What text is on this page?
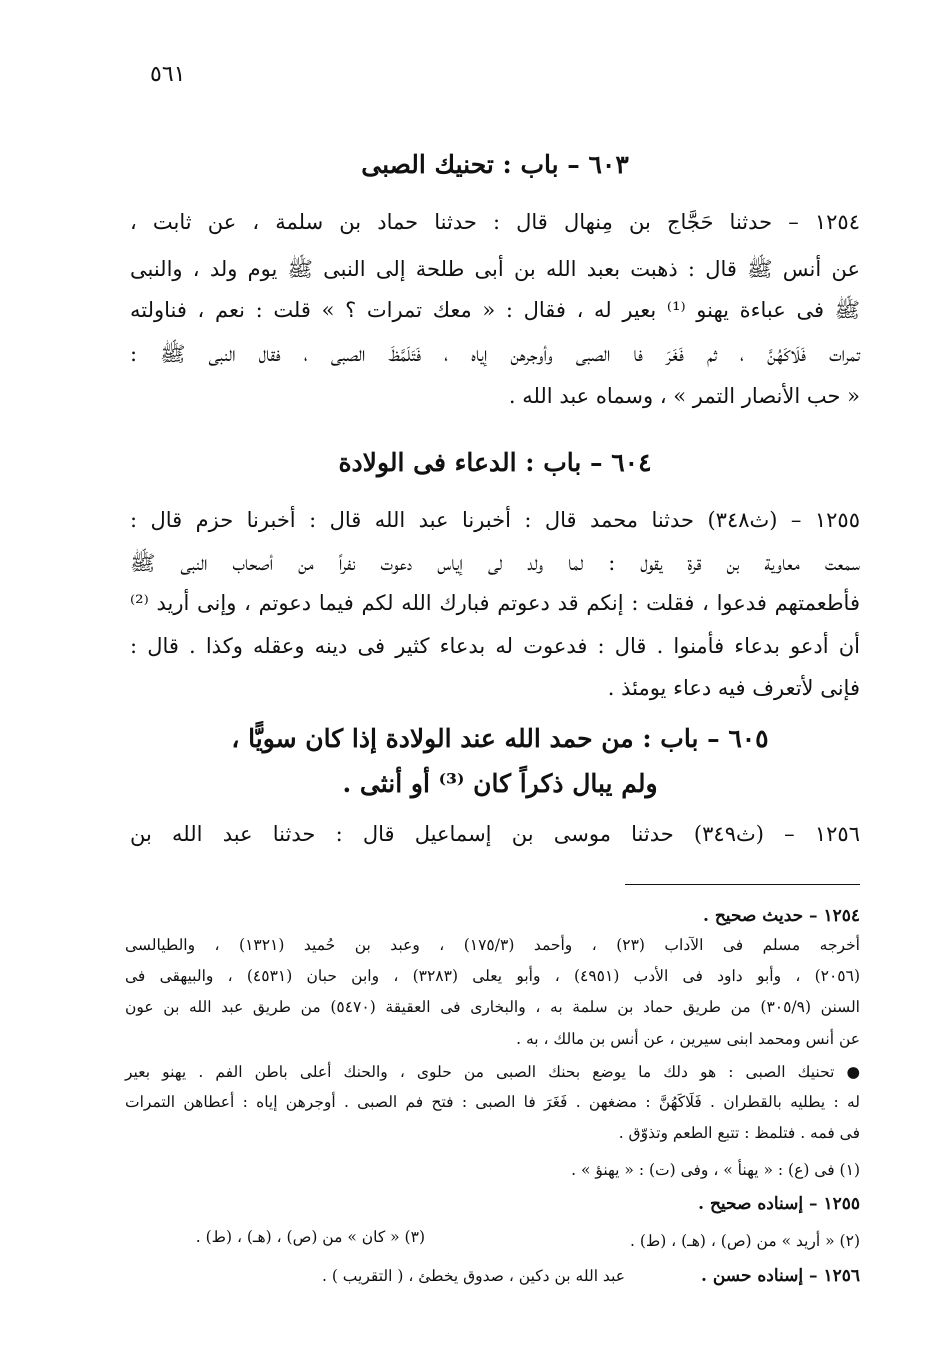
٥٦١
٦٠٣ – باب : تحنيك الصبى
١٢٥٤ – حدثنا حَجَّاج بن مِنهال قال : حدثنا حماد بن سلمة ، عن ثابت ،
عن أنس ﷺ قال : ذهبت بعبد الله بن أبى طلحة إلى النبى ﷺ يوم ولد ، والنبى
ﷺ فى عباءة يهنو ⁽¹⁾ بعير له ، فقال : « معك تمرات ؟ » قلت : نعم ، فناولته
تمرات فَلَاكَهُنَّ ، ثم فَغَرَ فا الصبى وأوجرهن إياه ، فَتَلَمَّظَ الصبى ، فقال النبى ﷺ :
« حب الأنصار التمر » ، وسماه عبد الله .
٦٠٤ – باب : الدعاء فى الولادة
١٢٥٥ – (ث٣٤٨) حدثنا محمد قال : أخبرنا عبد الله قال : أخبرنا حزم قال :
سمعت معاوية بن قرة يقول : لما ولد لى إياس دعوت نفراً من أصحاب النبى ﷺ
فأطعمتهم فدعوا ، فقلت : إنكم قد دعوتم فبارك الله لكم فيما دعوتم ، وإنى أريد ⁽²⁾
أن أدعو بدعاء فأمنوا . قال : فدعوت له بدعاء كثير فى دينه وعقله وكذا . قال :
فإنى لأتعرف فيه دعاء يومئذ .
٦٠٥ – باب : من حمد الله عند الولادة إذا كان سويًّا ،
ولم يبال ذكراً كان ⁽³⁾ أو أنثى .
١٢٥٦ – (ث٣٤٩) حدثنا موسى بن إسماعيل قال : حدثنا عبد الله بن
١٢٥٤ – حديث صحيح .
أخرجه مسلم فى الآداب (٢٣) ، وأحمد (١٧٥/٣) ، وعبد بن حُميد (١٣٢١) ، والطيالسى
(٢٠٥٦) ، وأبو داود فى الأدب (٤٩٥١) ، وأبو يعلى (٣٢٨٣) ، وابن حبان (٤٥٣١) ، والبيهقى فى
السنن (٣٠٥/٩) من طريق حماد بن سلمة به ، والبخارى فى العقيقة (٥٤٧٠) من طريق عبد الله بن عون
عن أنس ومحمد ابنى سيرين ، عن أنس بن مالك ، به .
● تحنيك الصبى : هو دلك ما يوضع بحنك الصبى من حلوى ، والحنك أعلى باطن الفم . يهنو بعير
له : يطليه بالقطران . فَلَاكَهُنَّ : مضغهن . فَغَرَ فا الصبى : فتح فم الصبى . أوجرهن إياه : أعطاهن التمرات
فى فمه . فتلمظ : تتبع الطعم وتذوّق .
(١) فى (ع) : « يهنأ » ، وفى (ت) : « يهنؤ » .
١٢٥٥ – إسناده صحيح .
(٢) « أريد » من (ص) ، (هـ) ، (ط) .
(٣) « كان » من (ص) ، (هـ) ، (ط) .
١٢٥٦ – إسناده حسن .
عبد الله بن دكين ، صدوق يخطئ ، ( التقريب ) .
